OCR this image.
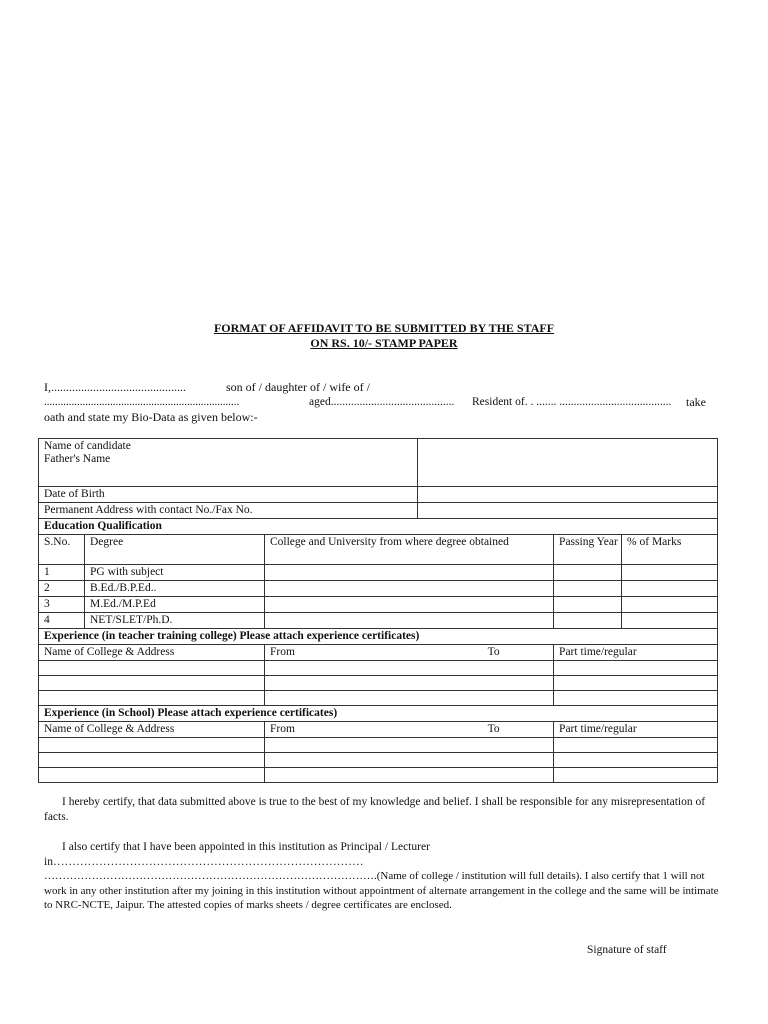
FORMAT OF AFFIDAVIT TO BE SUBMITTED BY THE STAFF
ON RS. 10/- STAMP PAPER
I,.............................................	son of / daughter of / wife of /
.......................................................................	aged........................................... Resident of. . ....... ....................................... take
oath and state my Bio-Data as given below:-
Name of candidate
Father's Name					

Date of Birth					
Permanent Address with contact No./Fax No.					
Education Qualification					
S.No.	Degree	College and University from where degree obtained		Passing Year	% of Marks
1	PG with subject				
2	B.Ed./B.P.Ed..				
3	M.Ed./M.P.Ed				
4	NET/SLET/Ph.D.				
Experience (in teacher training college) Please attach experience certificates)					
Name of College & Address		From To		Part time/regular	

Experience (in School) Please attach experience certificates)					
Name of College & Address		From To		Part time/regular	

I hereby certify, that data submitted above is true to the best of my knowledge and belief. I shall be responsible for any misrepresentation of facts.
I also certify that I have been appointed in this institution as Principal / Lecturer
in………………………………………………………………………
……………………………………………………………………………….(Name of college / institution will full details). I also certify that 1 will not work in any other institution after my joining in this institution without appointment of alternate arrangement in the college and the same will be intimate to NRC-NCTE, Jaipur. The attested copies of marks sheets / degree certificates are enclosed.
Signature of staff
